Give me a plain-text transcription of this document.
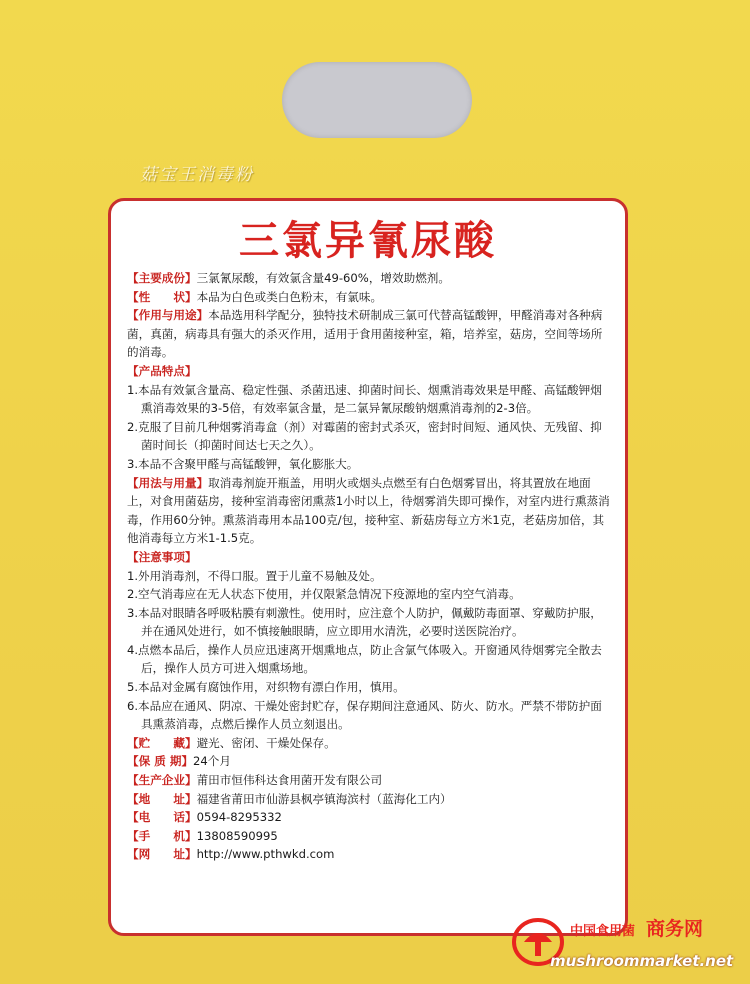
菇宝王消毒粉
三氯异氰尿酸

【主要成份】三氯氰尿酸，有效氯含量49-60%，增效助燃剂。

【性　　状】本品为白色或类白色粉末，有氯味。

【作用与用途】本品选用科学配分，独特技术研制成三氯可代替高锰酸钾，甲醛消毒对各种病菌，真菌，病毒具有强大的杀灭作用，适用于食用菌接种室，箱，培养室，菇房，空间等场所的消毒。

【产品特点】

1.本品有效氯含量高、稳定性强、杀菌迅速、抑菌时间长、烟熏消毒效果是甲醛、高锰酸钾烟熏消毒效果的3-5倍，有效率氯含量，是二氯异氰尿酸钠烟熏消毒剂的2-3倍。

2.克服了目前几种烟雾消毒盒（剂）对霉菌的密封式杀灭，密封时间短、通风快、无残留、抑菌时间长（抑菌时间达七天之久）。

3.本品不含聚甲醛与高锰酸钾，氧化膨胀大。

【用法与用量】取消毒剂旋开瓶盖，用明火或烟头点燃至有白色烟雾冒出，将其置放在地面上，对食用菌菇房，接种室消毒密闭熏蒸1小时以上，待烟雾消失即可操作，对室内进行熏蒸消毒，作用60分钟。熏蒸消毒用本品100克/包，接种室、新菇房每立方米1克，老菇房加倍，其他消毒每立方米1-1.5克。

【注意事项】

1.外用消毒剂，不得口服。置于儿童不易触及处。

2.空气消毒应在无人状态下使用，并仅限紧急情况下疫源地的室内空气消毒。

3.本品对眼睛各呼吸粘膜有刺激性。使用时，应注意个人防护，佩戴防毒面罩、穿戴防护服，并在通风处进行，如不慎接触眼睛，应立即用水清洗，必要时送医院治疗。

4.点燃本品后，操作人员应迅速离开烟熏地点，防止含氯气体吸入。开窗通风待烟雾完全散去后，操作人员方可进入烟熏场地。

5.本品对金属有腐蚀作用，对织物有漂白作用，慎用。

6.本品应在通风、阴凉、干燥处密封贮存，保存期间注意通风、防火、防水。严禁不带防护面具熏蒸消毒，点燃后操作人员立刻退出。

【贮　　藏】避光、密闭、干燥处保存。

【保 质 期】24个月

【生产企业】莆田市恒伟科达食用菌开发有限公司

【地　　址】福建省莆田市仙游县枫亭镇海滨村（蓝海化工内）

【电　　话】0594-8295332

【手　　机】13808590995

【网　　址】http://www.pthwkd.com

中国食用菌 商务网
mushroommarket.net
